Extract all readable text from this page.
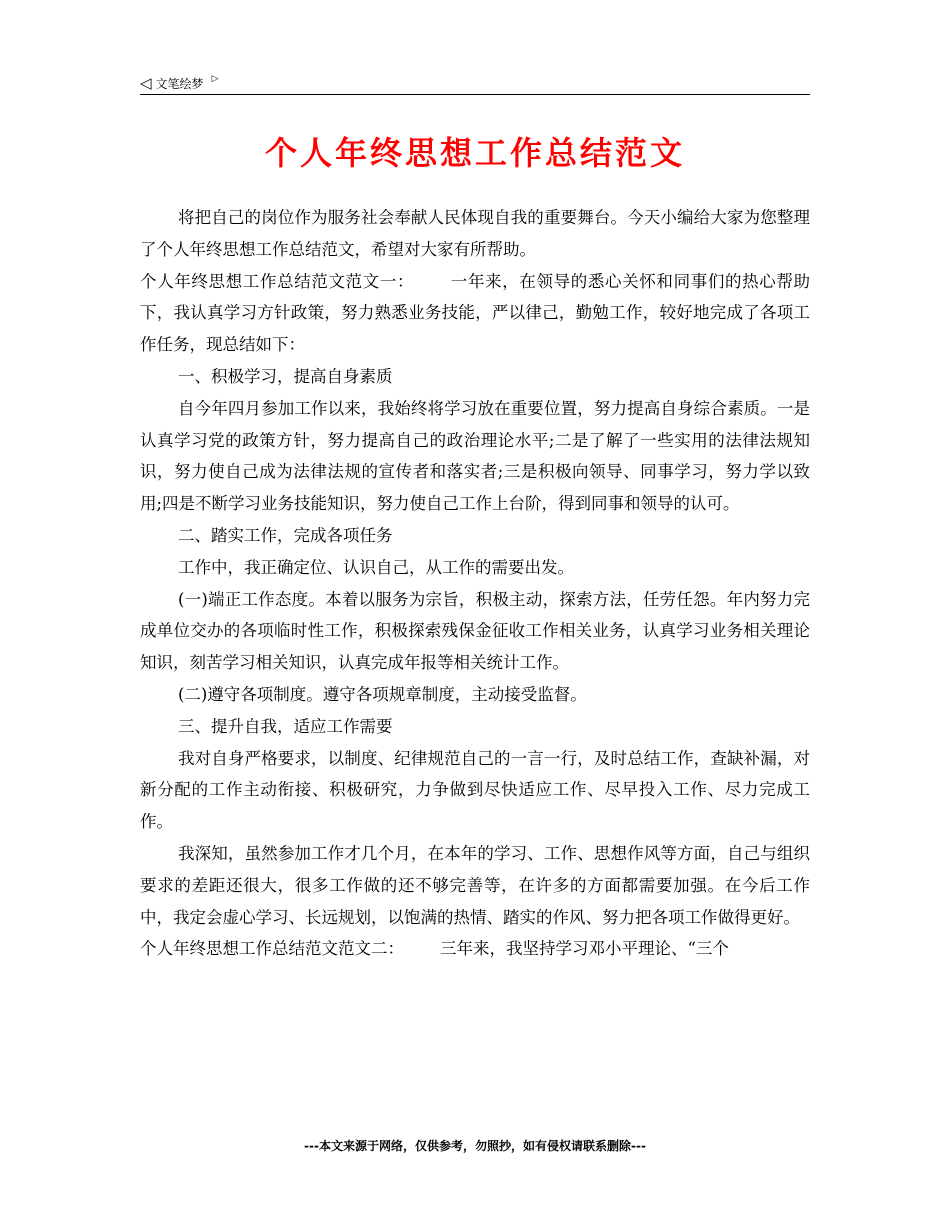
◁ 文笔绘梦 ▷
个人年终思想工作总结范文

将把自己的岗位作为服务社会奉献人民体现自我的重要舞台。今天小编给大家为您整理了个人年终思想工作总结范文，希望对大家有所帮助。

个人年终思想工作总结范文范文一： 一年来，在领导的悉心关怀和同事们的热心帮助下，我认真学习方针政策，努力熟悉业务技能，严以律己，勤勉工作，较好地完成了各项工作任务，现总结如下：

一、积极学习，提高自身素质

自今年四月参加工作以来，我始终将学习放在重要位置，努力提高自身综合素质。一是认真学习党的政策方针，努力提高自己的政治理论水平;二是了解了一些实用的法律法规知识，努力使自己成为法律法规的宣传者和落实者;三是积极向领导、同事学习，努力学以致用;四是不断学习业务技能知识，努力使自己工作上台阶，得到同事和领导的认可。

二、踏实工作，完成各项任务

工作中，我正确定位、认识自己，从工作的需要出发。

(一)端正工作态度。本着以服务为宗旨，积极主动，探索方法，任劳任怨。年内努力完成单位交办的各项临时性工作，积极探索残保金征收工作相关业务，认真学习业务相关理论知识，刻苦学习相关知识，认真完成年报等相关统计工作。

(二)遵守各项制度。遵守各项规章制度，主动接受监督。

三、提升自我，适应工作需要

我对自身严格要求，以制度、纪律规范自己的一言一行，及时总结工作，查缺补漏，对新分配的工作主动衔接、积极研究，力争做到尽快适应工作、尽早投入工作、尽力完成工作。

我深知，虽然参加工作才几个月，在本年的学习、工作、思想作风等方面，自己与组织要求的差距还很大，很多工作做的还不够完善等，在许多的方面都需要加强。在今后工作中，我定会虚心学习、长远规划，以饱满的热情、踏实的作风、努力把各项工作做得更好。

个人年终思想工作总结范文范文二： 三年来，我坚持学习邓小平理论、“三个

---本文来源于网络，仅供参考，勿照抄，如有侵权请联系删除---
